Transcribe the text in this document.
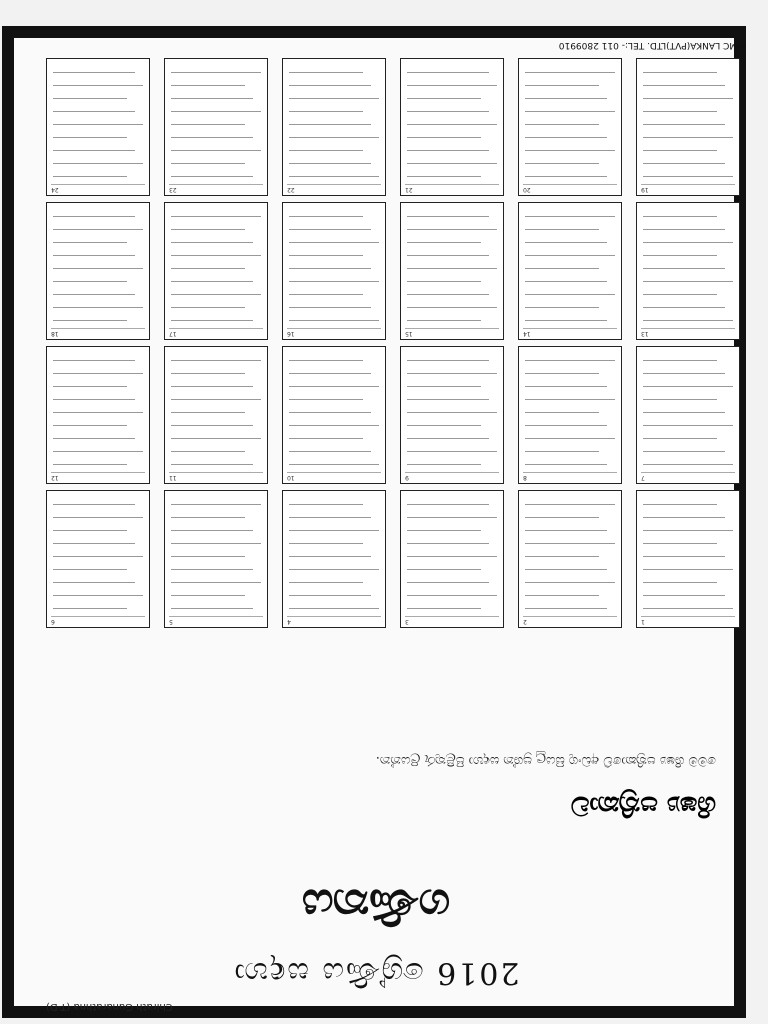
Chirath Gunarathna (T-D)
2016 ශ්‍රේණිය සඳහා
ගණිතය
ශිෂ්‍ය පත්‍රිකාව
මෙම ශිෂ්‍ය පත්‍රිකාවේ අඩංගු සියලු ප්‍රශ්න සඳහා පිළිතුරු ලියන්න.
1
2
3
4
5
6
7
8
9
10
11
12
13
14
15
16
17
18
19
20
21
22
23
24
IBMC LANKA(PVT)LTD. TEL:- 011 2809910
